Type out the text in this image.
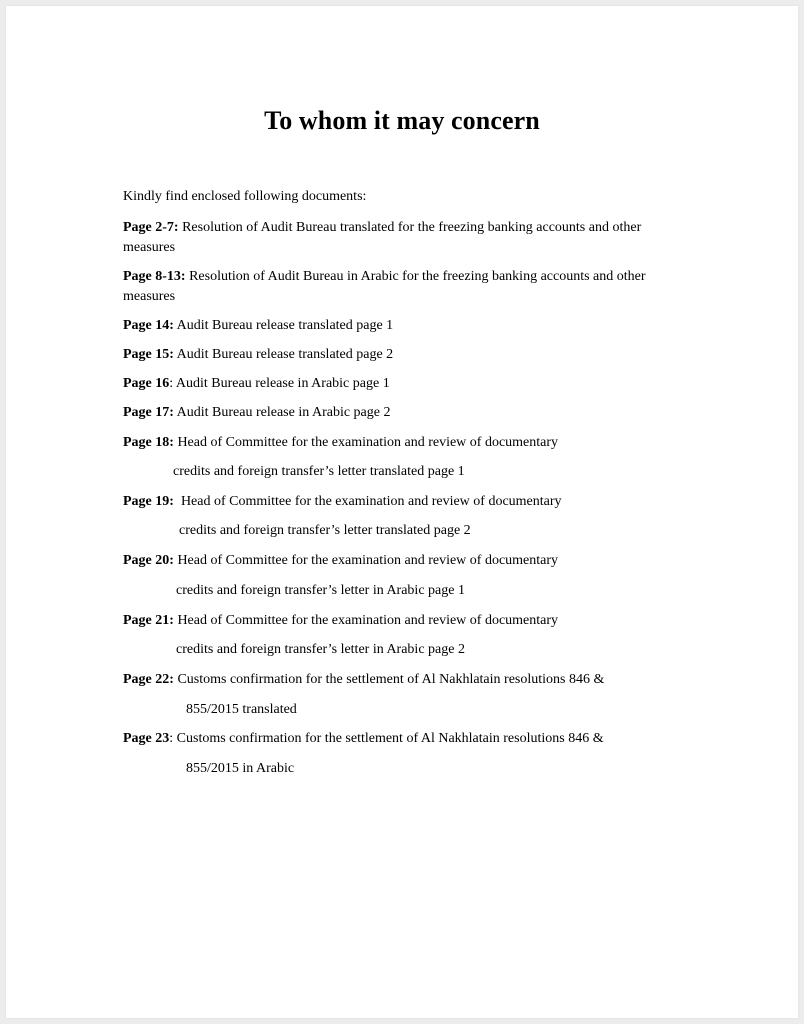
To whom it may concern
Kindly find enclosed following documents:
Page 2-7: Resolution of Audit Bureau translated for the freezing banking accounts and other measures
Page 8-13: Resolution of Audit Bureau in Arabic for the freezing banking accounts and other measures
Page 14: Audit Bureau release translated page 1
Page 15: Audit Bureau release translated page 2
Page 16: Audit Bureau release in Arabic page 1
Page 17: Audit Bureau release in Arabic page 2
Page 18: Head of Committee for the examination and review of documentary
credits and foreign transfer’s letter translated page 1
Page 19:  Head of Committee for the examination and review of documentary
credits and foreign transfer’s letter translated page 2
Page 20: Head of Committee for the examination and review of documentary
credits and foreign transfer’s letter in Arabic page 1
Page 21: Head of Committee for the examination and review of documentary
credits and foreign transfer’s letter in Arabic page 2
Page 22: Customs confirmation for the settlement of Al Nakhlatain resolutions 846 &
855/2015 translated
Page 23: Customs confirmation for the settlement of Al Nakhlatain resolutions 846 &
855/2015 in Arabic
